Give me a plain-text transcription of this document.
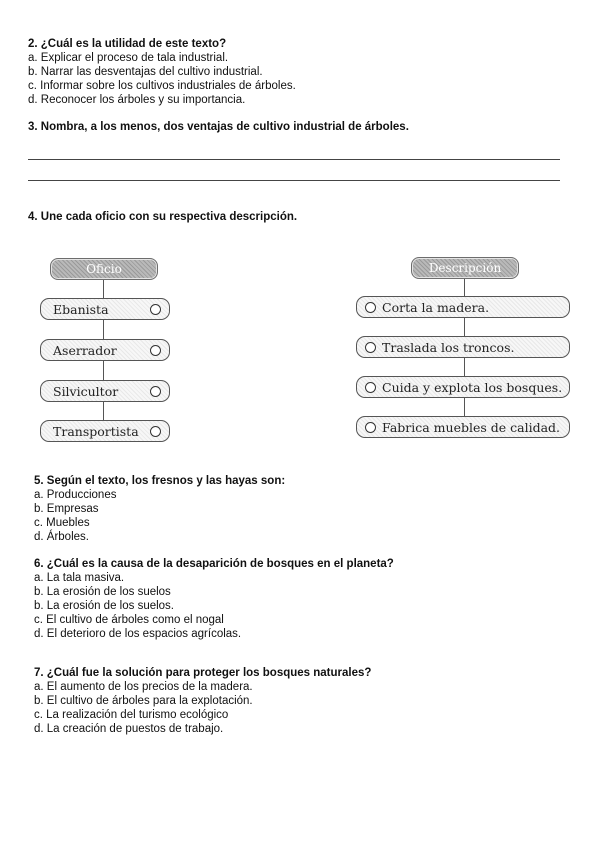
2. ¿Cuál es la utilidad de este texto?
a. Explicar el proceso de tala industrial.
b. Narrar las desventajas del cultivo industrial.
c. Informar sobre los cultivos industriales de árboles.
d. Reconocer los árboles y su importancia.
3. Nombra, a los menos, dos ventajas de cultivo industrial de árboles.
4. Une cada oficio con su respectiva descripción.
Oficio
Ebanista
Aserrador
Silvicultor
Transportista
Descripción
Corta la madera.
Traslada los troncos.
Cuida y explota los bosques.
Fabrica muebles de calidad.
5. Según el texto, los fresnos y las hayas son:
a. Producciones
b. Empresas
c. Muebles
d. Árboles.
6. ¿Cuál es la causa de la desaparición de bosques en el planeta?
a. La tala masiva.
b. La erosión de los suelos
b. La erosión de los suelos.
c. El cultivo de árboles como el nogal
d. El deterioro de los espacios agrícolas.
7. ¿Cuál fue la solución para proteger los bosques naturales?
a. El aumento de los precios de la madera.
b. El cultivo de árboles para la explotación.
c. La realización del turismo ecológico
d. La creación de puestos de trabajo.
